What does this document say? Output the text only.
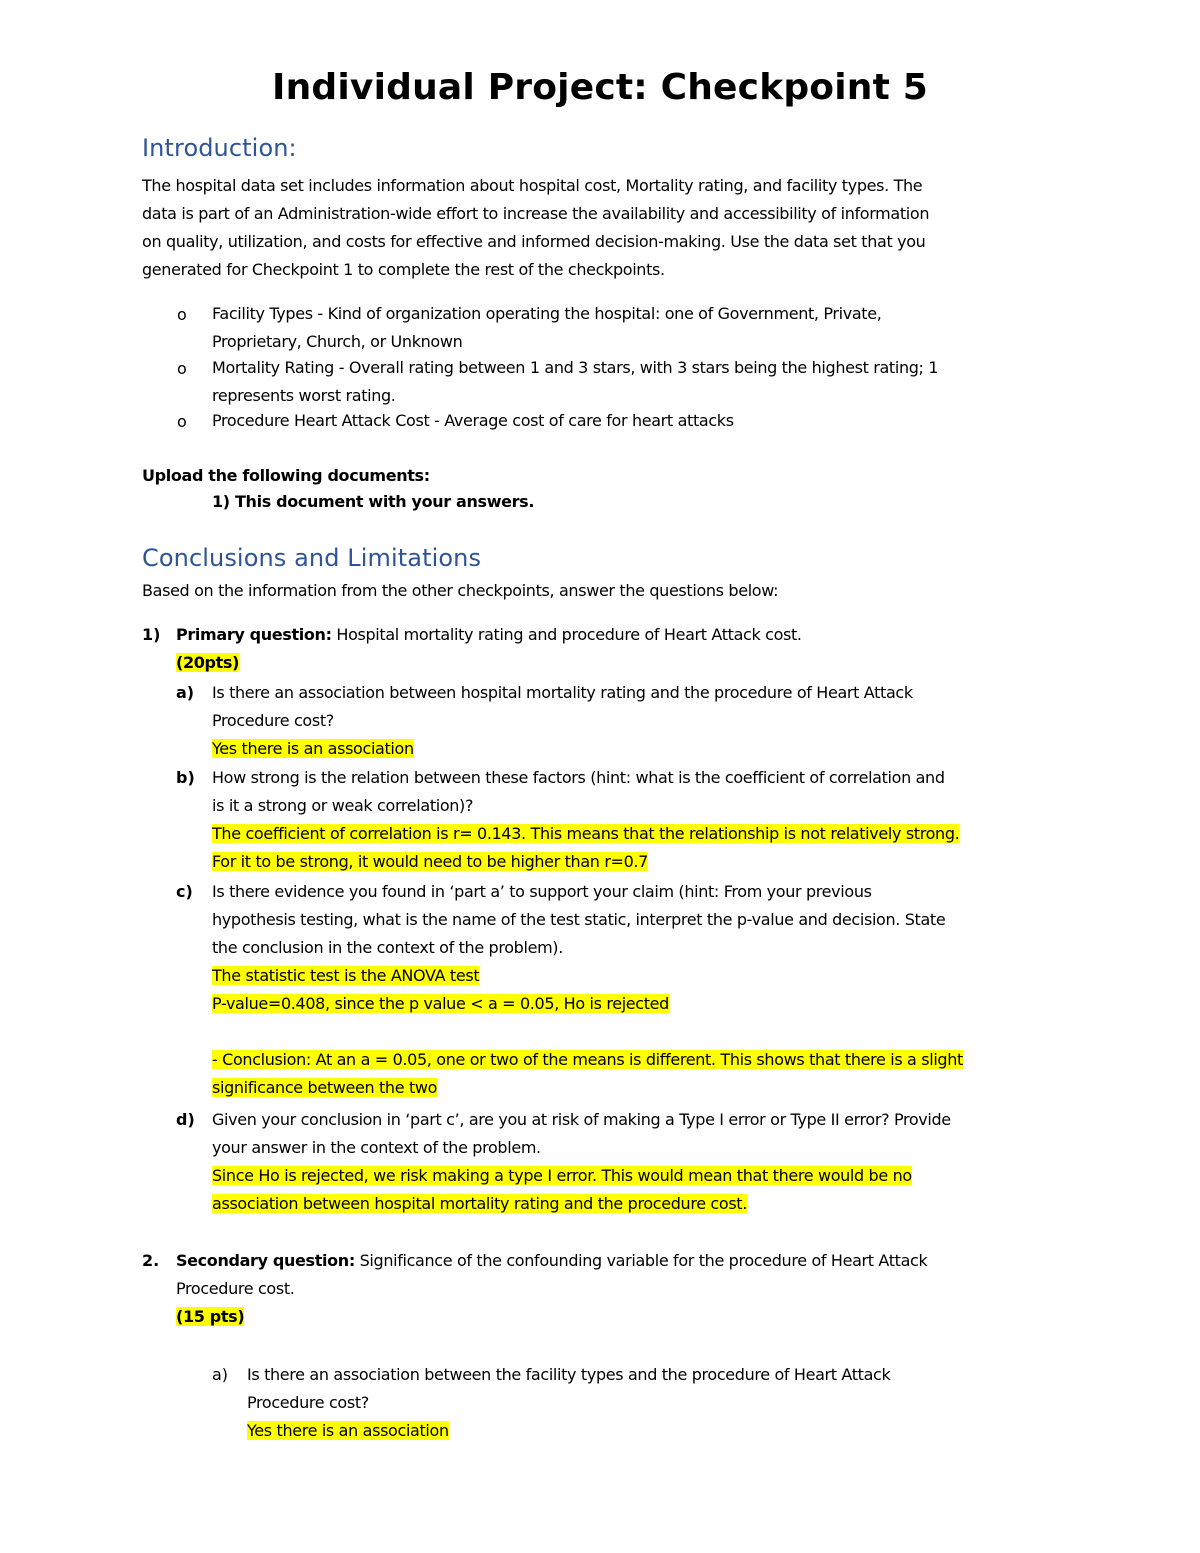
Individual Project: Checkpoint 5
Introduction:
The hospital data set includes information about hospital cost, Mortality rating, and facility types. The
data is part of an Administration-wide effort to increase the availability and accessibility of information
on quality, utilization, and costs for effective and informed decision-making. Use the data set that you
generated for Checkpoint 1 to complete the rest of the checkpoints.
o Facility Types - Kind of organization operating the hospital: one of Government, Private,
Proprietary, Church, or Unknown
o Mortality Rating - Overall rating between 1 and 3 stars, with 3 stars being the highest rating; 1
represents worst rating.
o Procedure Heart Attack Cost - Average cost of care for heart attacks
Upload the following documents:
1) This document with your answers.
Conclusions and Limitations
Based on the information from the other checkpoints, answer the questions below:
1) Primary question: Hospital mortality rating and procedure of Heart Attack cost.
(20pts)
a) Is there an association between hospital mortality rating and the procedure of Heart Attack
Procedure cost?
Yes there is an association
b) How strong is the relation between these factors (hint: what is the coefficient of correlation and
is it a strong or weak correlation)?
The coefficient of correlation is r= 0.143. This means that the relationship is not relatively strong.
For it to be strong, it would need to be higher than r=0.7
c) Is there evidence you found in ‘part a’ to support your claim (hint: From your previous
hypothesis testing, what is the name of the test static, interpret the p-value and decision. State
the conclusion in the context of the problem).
The statistic test is the ANOVA test
P-value=0.408, since the p value < a = 0.05, Ho is rejected
- Conclusion: At an a = 0.05, one or two of the means is different. This shows that there is a slight
significance between the two
d) Given your conclusion in ‘part c’, are you at risk of making a Type I error or Type II error? Provide
your answer in the context of the problem.
Since Ho is rejected, we risk making a type I error. This would mean that there would be no
association between hospital mortality rating and the procedure cost.
2. Secondary question: Significance of the confounding variable for the procedure of Heart Attack
Procedure cost.
(15 pts)
a) Is there an association between the facility types and the procedure of Heart Attack
Procedure cost?
Yes there is an association
